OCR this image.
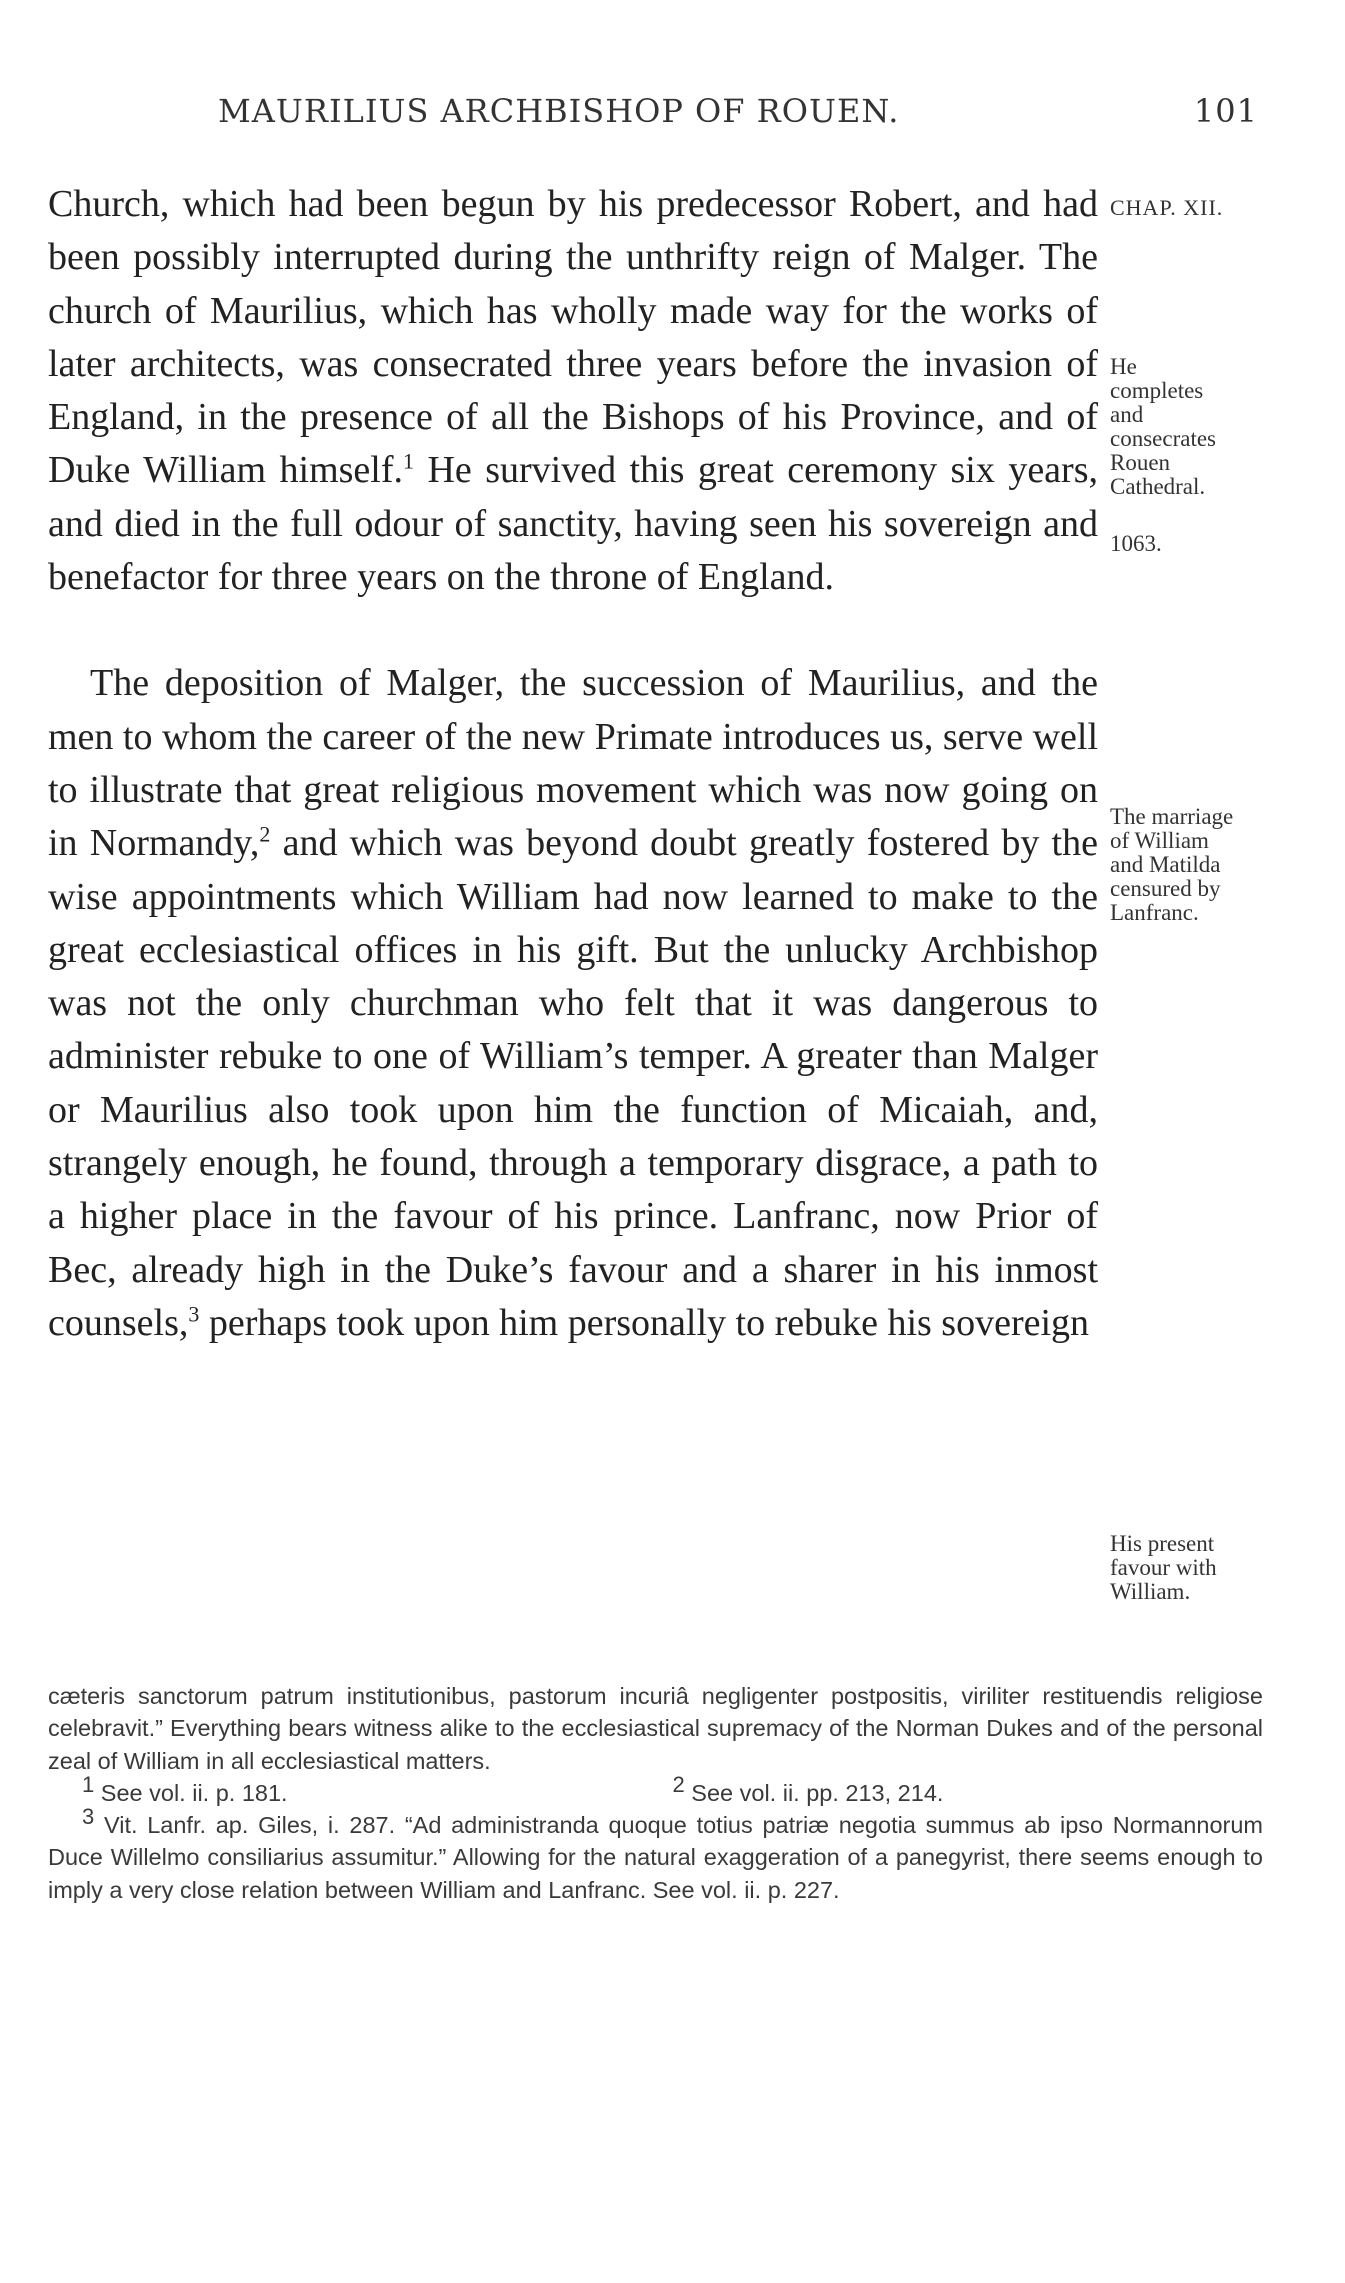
MAURILIUS ARCHBISHOP OF ROUEN.	101

Church, which had been begun by his predecessor Robert, and had been possibly interrupted during the unthrifty reign of Malger. The church of Maurilius, which has wholly made way for the works of later architects, was consecrated three years before the invasion of England, in the presence of all the Bishops of his Province, and of Duke William himself.$^1$ He survived this great ceremony six years, and died in the full odour of sanctity, having seen his sovereign and benefactor for three years on the throne of England.

The deposition of Malger, the succession of Maurilius, and the men to whom the career of the new Primate introduces us, serve well to illustrate that great religious movement which was now going on in Normandy,$^2$ and which was beyond doubt greatly fostered by the wise appointments which William had now learned to make to the great ecclesiastical offices in his gift. But the unlucky Archbishop was not the only churchman who felt that it was dangerous to administer rebuke to one of William’s temper. A greater than Malger or Maurilius also took upon him the function of Micaiah, and, strangely enough, he found, through a temporary disgrace, a path to a higher place in the favour of his prince. Lanfranc, now Prior of Bec, already high in the Duke’s favour and a sharer in his inmost counsels,$^3$ perhaps took upon him personally to rebuke his sovereign

CHAP. XII.
He completes and consecrates Rouen Cathedral.
1063.
The marriage of William and Matilda censured by Lanfranc.
His present favour with William.

cæteris sanctorum patrum institutionibus, pastorum incuriâ negligenter postpositis, viriliter restituendis religiose celebravit.” Everything bears witness alike to the ecclesiastical supremacy of the Norman Dukes and of the personal zeal of William in all ecclesiastical matters.

$^1$ See vol. ii. p. 181.	$^2$ See vol. ii. pp. 213, 214.

$^3$ Vit. Lanfr. ap. Giles, i. 287. “Ad administranda quoque totius patriæ negotia summus ab ipso Normannorum Duce Willelmo consiliarius assumitur.” Allowing for the natural exaggeration of a panegyrist, there seems enough to imply a very close relation between William and Lanfranc. See vol. ii. p. 227.
